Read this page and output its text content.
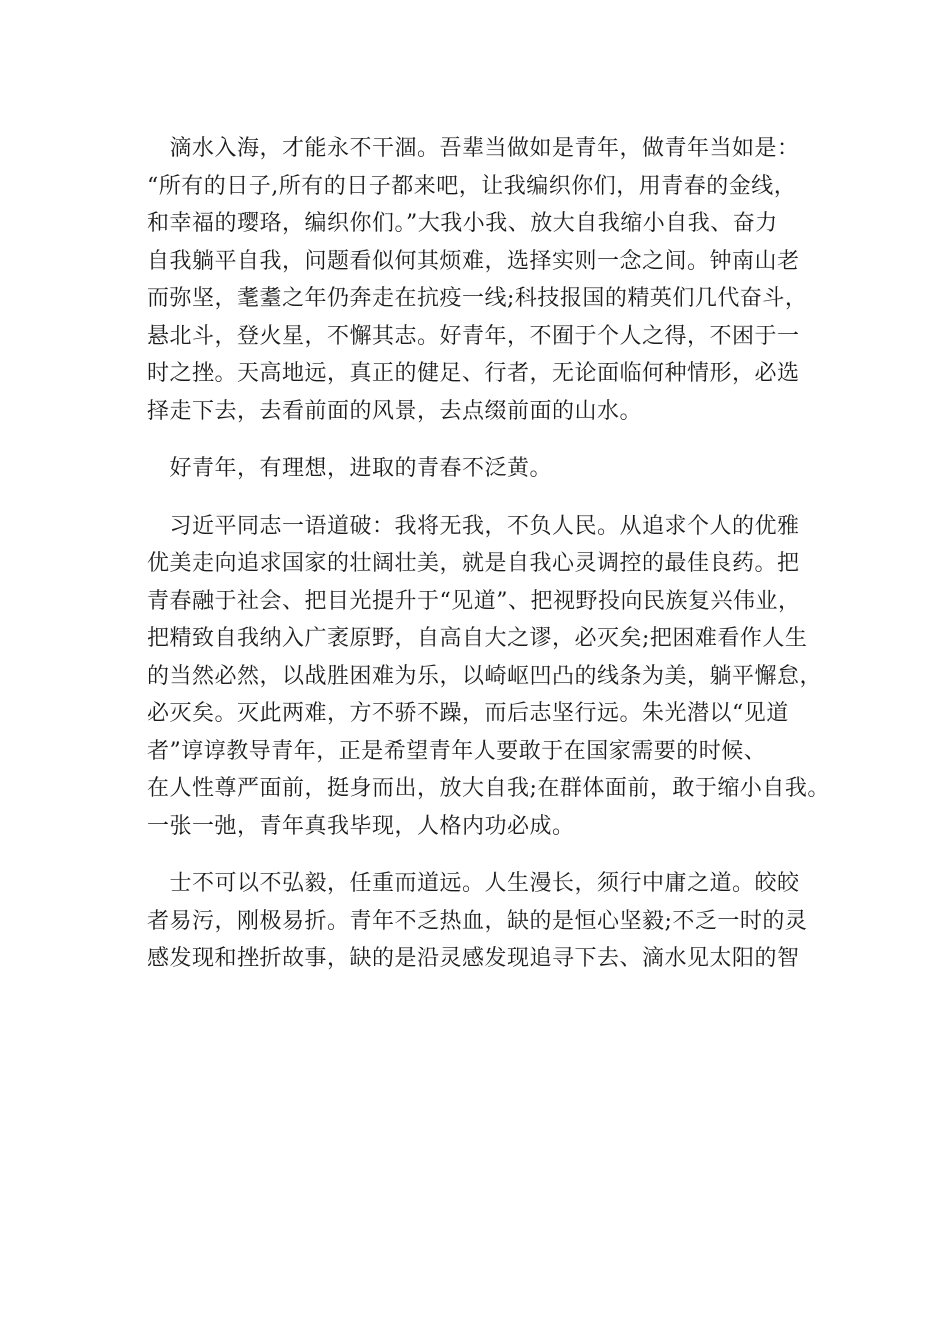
　滴水入海，才能永不干涸。吾辈当做如是青年，做青年当如是：
“所有的日子,所有的日子都来吧，让我编织你们，用青春的金线，
和幸福的璎珞，编织你们。”大我小我、放大自我缩小自我、奋力
自我躺平自我，问题看似何其烦难，选择实则一念之间。钟南山老
而弥坚，耄耋之年仍奔走在抗疫一线;科技报国的精英们几代奋斗，
悬北斗，登火星，不懈其志。好青年，不囿于个人之得，不困于一
时之挫。天高地远，真正的健足、行者，无论面临何种情形，必选
择走下去，去看前面的风景，去点缀前面的山水。
　好青年，有理想，进取的青春不泛黄。
　习近平同志一语道破：我将无我，不负人民。从追求个人的优雅
优美走向追求国家的壮阔壮美，就是自我心灵调控的最佳良药。把
青春融于社会、把目光提升于“见道”、把视野投向民族复兴伟业，
把精致自我纳入广袤原野，自高自大之谬，必灭矣;把困难看作人生
的当然必然，以战胜困难为乐，以崎岖凹凸的线条为美，躺平懈怠，
必灭矣。灭此两难，方不骄不躁，而后志坚行远。朱光潜以“见道
者”谆谆教导青年，正是希望青年人要敢于在国家需要的时候、
在人性尊严面前，挺身而出，放大自我;在群体面前，敢于缩小自我。
一张一弛，青年真我毕现，人格内功必成。
　士不可以不弘毅，任重而道远。人生漫长，须行中庸之道。皎皎
者易污，刚极易折。青年不乏热血，缺的是恒心坚毅;不乏一时的灵
感发现和挫折故事，缺的是沿灵感发现追寻下去、滴水见太阳的智
